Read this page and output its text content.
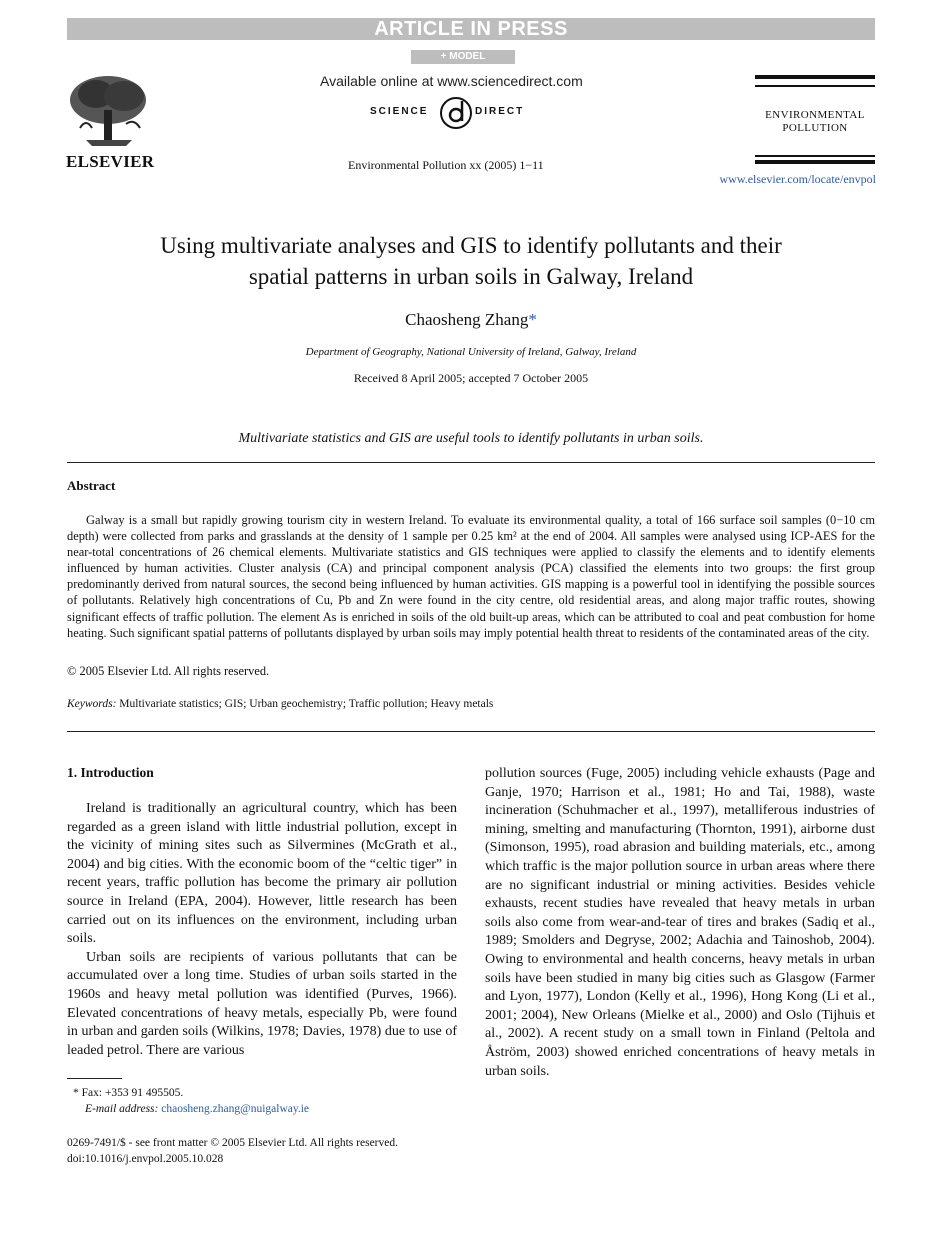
ARTICLE IN PRESS
+ MODEL
ELSEVIER
Available online at www.sciencedirect.com
SCIENCE	DIRECT
Environmental Pollution xx (2005) 1−11
ENVIRONMENTAL
POLLUTION
www.elsevier.com/locate/envpol
Using multivariate analyses and GIS to identify pollutants and their
spatial patterns in urban soils in Galway, Ireland
Chaosheng Zhang*
Department of Geography, National University of Ireland, Galway, Ireland
Received 8 April 2005; accepted 7 October 2005
Multivariate statistics and GIS are useful tools to identify pollutants in urban soils.
Abstract

Galway is a small but rapidly growing tourism city in western Ireland. To evaluate its environmental quality, a total of 166 surface soil samples (0−10 cm depth) were collected from parks and grasslands at the density of 1 sample per 0.25 km² at the end of 2004. All samples were analysed using ICP-AES for the near-total concentrations of 26 chemical elements. Multivariate statistics and GIS techniques were applied to classify the elements and to identify elements influenced by human activities. Cluster analysis (CA) and principal component analysis (PCA) classified the elements into two groups: the first group predominantly derived from natural sources, the second being influenced by human activities. GIS mapping is a powerful tool in identifying the possible sources of pollutants. Relatively high concentrations of Cu, Pb and Zn were found in the city centre, old residential areas, and along major traffic routes, showing significant effects of traffic pollution. The element As is enriched in soils of the old built-up areas, which can be attributed to coal and peat combustion for home heating. Such significant spatial patterns of pollutants displayed by urban soils may imply potential health threat to residents of the contaminated areas of the city.

© 2005 Elsevier Ltd. All rights reserved.
Keywords: Multivariate statistics; GIS; Urban geochemistry; Traffic pollution; Heavy metals
1. Introduction

Ireland is traditionally an agricultural country, which has been regarded as a green island with little industrial pollution, except in the vicinity of mining sites such as Silvermines (McGrath et al., 2004) and big cities. With the economic boom of the “celtic tiger” in recent years, traffic pollution has become the primary air pollution source in Ireland (EPA, 2004). However, little research has been carried out on its influences on the environment, including urban soils.

Urban soils are recipients of various pollutants that can be accumulated over a long time. Studies of urban soils started in the 1960s and heavy metal pollution was identified (Purves, 1966). Elevated concentrations of heavy metals, especially Pb, were found in urban and garden soils (Wilkins, 1978; Davies, 1978) due to use of leaded petrol. There are various

pollution sources (Fuge, 2005) including vehicle exhausts (Page and Ganje, 1970; Harrison et al., 1981; Ho and Tai, 1988), waste incineration (Schuhmacher et al., 1997), metalliferous industries of mining, smelting and manufacturing (Thornton, 1991), airborne dust (Simonson, 1995), road abrasion and building materials, etc., among which traffic is the major pollution source in urban areas where there are no significant industrial or mining activities. Besides vehicle exhausts, recent studies have revealed that heavy metals in urban soils also come from wear-and-tear of tires and brakes (Sadiq et al., 1989; Smolders and Degryse, 2002; Adachia and Tainoshob, 2004). Owing to environmental and health concerns, heavy metals in urban soils have been studied in many big cities such as Glasgow (Farmer and Lyon, 1977), London (Kelly et al., 1996), Hong Kong (Li et al., 2001; 2004), New Orleans (Mielke et al., 2000) and Oslo (Tijhuis et al., 2002). A recent study on a small town in Finland (Peltola and Åström, 2003) showed enriched concentrations of heavy metals in urban soils.

* Fax: +353 91 495505.
E-mail address: chaosheng.zhang@nuigalway.ie
0269-7491/$ - see front matter © 2005 Elsevier Ltd. All rights reserved.
doi:10.1016/j.envpol.2005.10.028
